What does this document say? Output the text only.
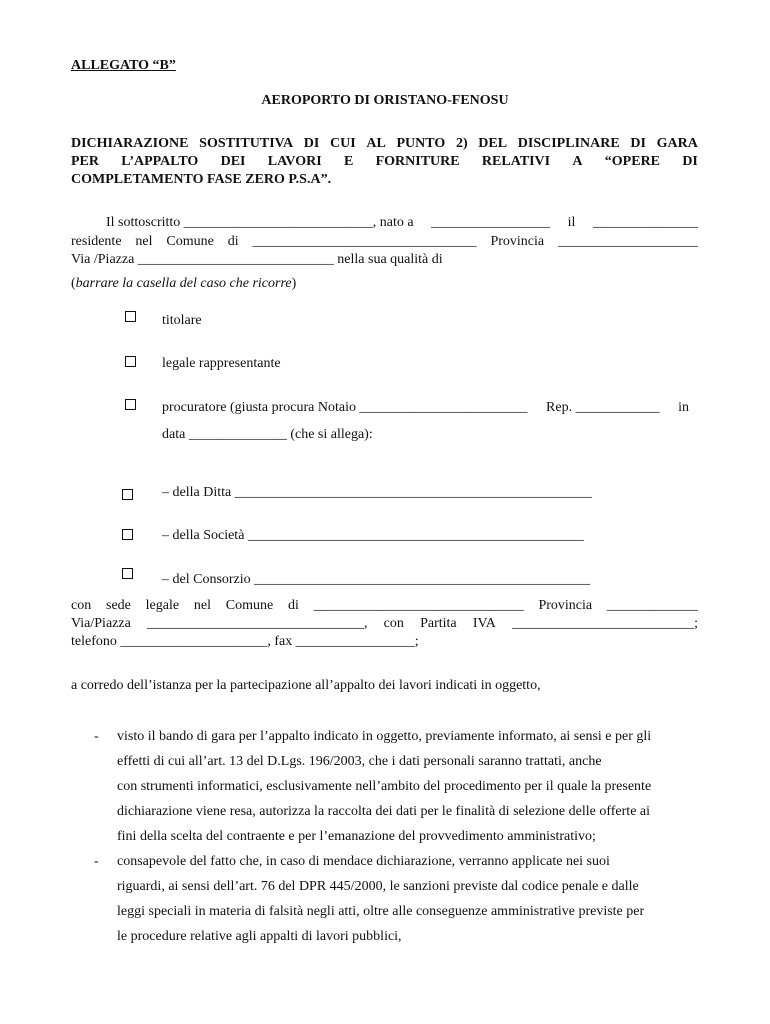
ALLEGATO “B”
AEROPORTO DI ORISTANO-FENOSU
DICHIARAZIONE SOSTITUTIVA DI CUI AL PUNTO 2) DEL DISCIPLINARE DI GARA
PER L’APPALTO DEI LAVORI E FORNITURE RELATIVI A “OPERE DI
COMPLETAMENTO FASE ZERO P.S.A”.
Il sottoscritto ___________________________, nato a _________________ il _______________
residente nel Comune di ________________________________ Provincia ____________________
Via /Piazza ____________________________ nella sua qualità di
(barrare la casella del caso che ricorre)
titolare
legale rappresentante
procuratore (giusta procura Notaio ________________________ Rep. ____________ in
data ______________ (che si allega):
– della Ditta ___________________________________________________
– della Società ________________________________________________
– del Consorzio ________________________________________________
con sede legale nel Comune di ______________________________ Provincia _____________
Via/Piazza _______________________________, con Partita IVA __________________________;
telefono _____________________, fax _________________;
a corredo dell’istanza per la partecipazione all’appalto dei lavori indicati in oggetto,
- visto il bando di gara per l’appalto indicato in oggetto, previamente informato, ai sensi e per gli
effetti di cui all’art. 13 del D.Lgs. 196/2003, che i dati personali saranno trattati, anche
con strumenti informatici, esclusivamente nell’ambito del procedimento per il quale la presente
dichiarazione viene resa, autorizza la raccolta dei dati per le finalità di selezione delle offerte ai
fini della scelta del contraente e per l’emanazione del provvedimento amministrativo;
- consapevole del fatto che, in caso di mendace dichiarazione, verranno applicate nei suoi
riguardi, ai sensi dell’art. 76 del DPR 445/2000, le sanzioni previste dal codice penale e dalle
leggi speciali in materia di falsità negli atti, oltre alle conseguenze amministrative previste per
le procedure relative agli appalti di lavori pubblici,
